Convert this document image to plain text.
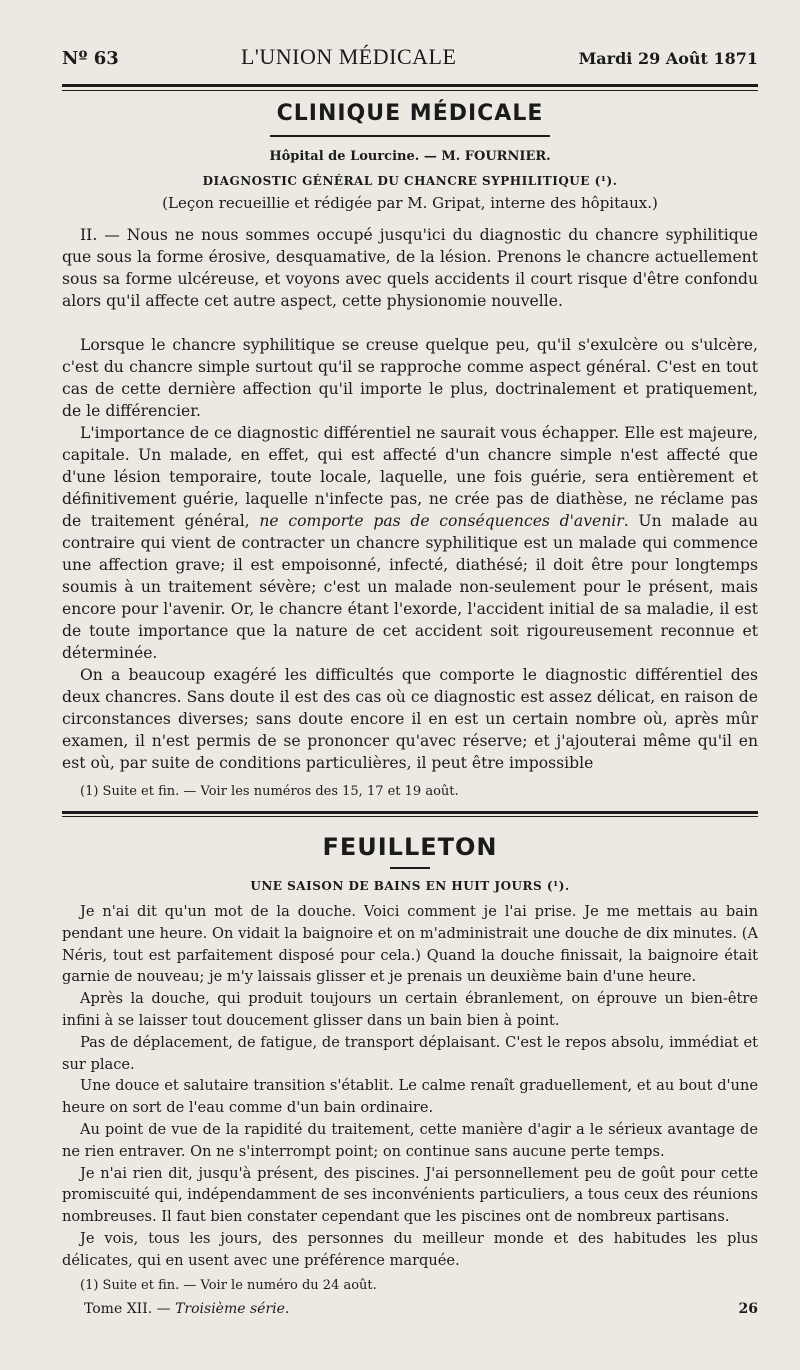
Nº 63	L'UNION MÉDICALE	Mardi 29 Août 1871
CLINIQUE MÉDICALE
Hôpital de Lourcine. — M. FOURNIER.
DIAGNOSTIC GÉNÉRAL DU CHANCRE SYPHILITIQUE (¹).
(Leçon recueillie et rédigée par M. Gripat, interne des hôpitaux.)

II. — Nous ne nous sommes occupé jusqu'ici du diagnostic du chancre syphilitique que sous la forme érosive, desquamative, de la lésion. Prenons le chancre actuellement sous sa forme ulcéreuse, et voyons avec quels accidents il court risque d'être confondu alors qu'il affecte cet autre aspect, cette physionomie nouvelle.

Lorsque le chancre syphilitique se creuse quelque peu, qu'il s'exulcère ou s'ulcère, c'est du chancre simple surtout qu'il se rapproche comme aspect général. C'est en tout cas de cette dernière affection qu'il importe le plus, doctrinalement et pratiquement, de le différencier.

L'importance de ce diagnostic différentiel ne saurait vous échapper. Elle est majeure, capitale. Un malade, en effet, qui est affecté d'un chancre simple n'est affecté que d'une lésion temporaire, toute locale, laquelle, une fois guérie, sera entièrement et définitivement guérie, laquelle n'infecte pas, ne crée pas de diathèse, ne réclame pas de traitement général, ne comporte pas de conséquences d'avenir. Un malade au contraire qui vient de contracter un chancre syphilitique est un malade qui commence une affection grave; il est empoisonné, infecté, diathésé; il doit être pour longtemps soumis à un traitement sévère; c'est un malade non-seulement pour le présent, mais encore pour l'avenir. Or, le chancre étant l'exorde, l'accident initial de sa maladie, il est de toute importance que la nature de cet accident soit rigoureusement reconnue et déterminée.

On a beaucoup exagéré les difficultés que comporte le diagnostic différentiel des deux chancres. Sans doute il est des cas où ce diagnostic est assez délicat, en raison de circonstances diverses; sans doute encore il en est un certain nombre où, après mûr examen, il n'est permis de se prononcer qu'avec réserve; et j'ajouterai même qu'il en est où, par suite de conditions particulières, il peut être impossible

(1) Suite et fin. — Voir les numéros des 15, 17 et 19 août.
FEUILLETON
UNE SAISON DE BAINS EN HUIT JOURS (¹).

Je n'ai dit qu'un mot de la douche. Voici comment je l'ai prise. Je me mettais au bain pendant une heure. On vidait la baignoire et on m'administrait une douche de dix minutes. (A Néris, tout est parfaitement disposé pour cela.) Quand la douche finissait, la baignoire était garnie de nouveau; je m'y laissais glisser et je prenais un deuxième bain d'une heure.

Après la douche, qui produit toujours un certain ébranlement, on éprouve un bien-être infini à se laisser tout doucement glisser dans un bain bien à point.

Pas de déplacement, de fatigue, de transport déplaisant. C'est le repos absolu, immédiat et sur place.

Une douce et salutaire transition s'établit. Le calme renaît graduellement, et au bout d'une heure on sort de l'eau comme d'un bain ordinaire.

Au point de vue de la rapidité du traitement, cette manière d'agir a le sérieux avantage de ne rien entraver. On ne s'interrompt point; on continue sans aucune perte temps.

Je n'ai rien dit, jusqu'à présent, des piscines. J'ai personnellement peu de goût pour cette promiscuité qui, indépendamment de ses inconvénients particuliers, a tous ceux des réunions nombreuses. Il faut bien constater cependant que les piscines ont de nombreux partisans.

Je vois, tous les jours, des personnes du meilleur monde et des habitudes les plus délicates, qui en usent avec une préférence marquée.

(1) Suite et fin. — Voir le numéro du 24 août.
Tome XII. — Troisième série.	26
